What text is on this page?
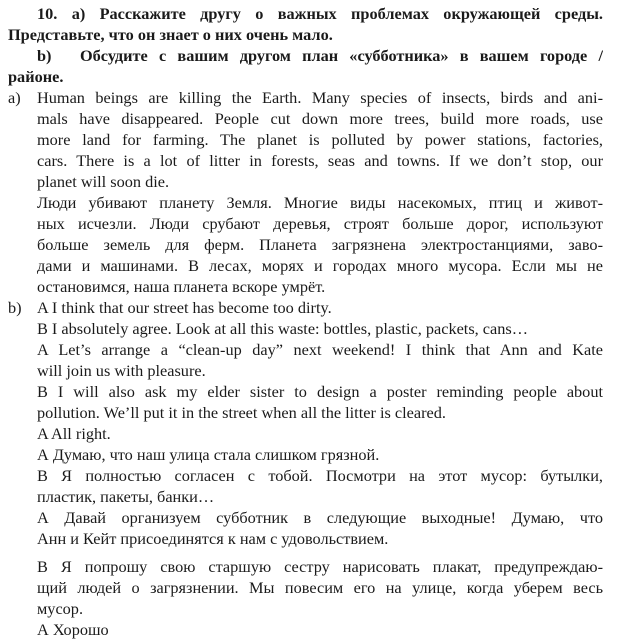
10. а) Расскажите другу о важных проблемах окружающей среды.
Представьте, что он знает о них очень мало.
b) Обсудите с вашим другом план «субботника» в вашем городе /
районе.
a) Human beings are killing the Earth. Many species of insects, birds and ani-
mals have disappeared. People cut down more trees, build more roads, use
more land for farming. The planet is polluted by power stations, factories,
cars. There is a lot of litter in forests, seas and towns. If we don’t stop, our
planet will soon die.
Люди убивают планету Земля. Многие виды насекомых, птиц и живот-
ных исчезли. Люди срубают деревья, строят больше дорог, используют
больше земель для ферм. Планета загрязнена электростанциями, заво-
дами и машинами. В лесах, морях и городах много мусора. Если мы не
остановимся, наша планета вскоре умрёт.
b) A I think that our street has become too dirty.
B I absolutely agree. Look at all this waste: bottles, plastic, packets, cans…
A Let’s arrange a “clean-up day” next weekend! I think that Ann and Kate
will join us with pleasure.
B I will also ask my elder sister to design a poster reminding people about
pollution. We’ll put it in the street when all the litter is cleared.
A All right.
А Думаю, что наш улица стала слишком грязной.
В Я полностью согласен с тобой. Посмотри на этот мусор: бутылки,
пластик, пакеты, банки…
А Давай организуем субботник в следующие выходные! Думаю, что
Анн и Кейт присоединятся к нам с удовольствием.
В Я попрошу свою старшую сестру нарисовать плакат, предупреждаю-
щий людей о загрязнении. Мы повесим его на улице, когда уберем весь
мусор.
А Хорошо
